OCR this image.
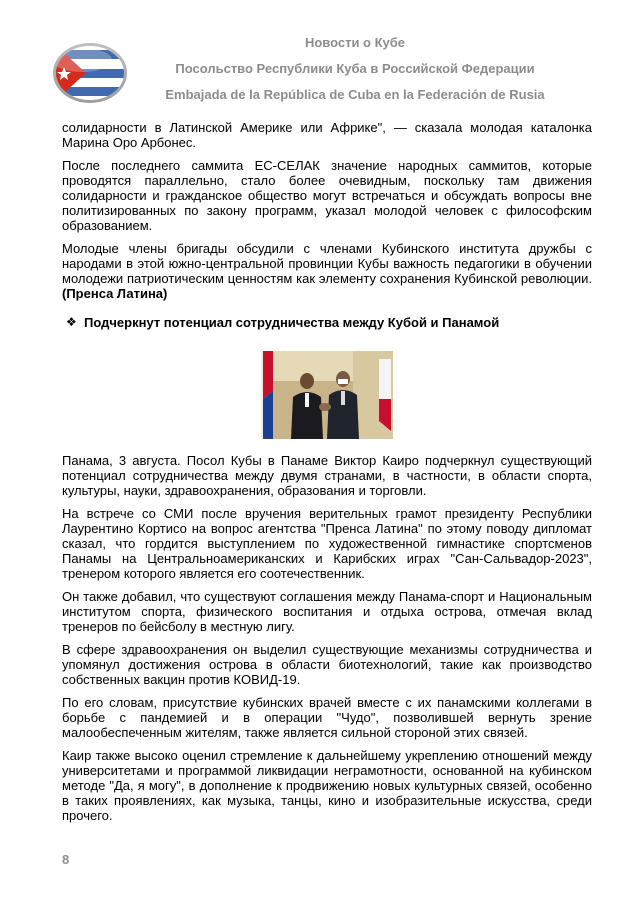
Новости о Кубе
Посольство Республики Куба в Российской Федерации
Embajada de la República de Cuba en la Federación de Rusia

солидарности в Латинской Америке или Африке", — сказала молодая каталонка Марина Оро Арбонес.

После последнего саммита ЕС-СЕЛАК значение народных саммитов, которые проводятся параллельно, стало более очевидным, поскольку там движения солидарности и гражданское общество могут встречаться и обсуждать вопросы вне политизированных по закону программ, указал молодой человек с философским образованием.

Молодые члены бригады обсудили с членами Кубинского института дружбы с народами в этой южно-центральной провинции Кубы важность педагогики в обучении молодежи патриотическим ценностям как элементу сохранения Кубинской революции. (Пренса Латина)

❖ Подчеркнут потенциал сотрудничества между Кубой и Панамой

Панама, 3 августа. Посол Кубы в Панаме Виктор Каиро подчеркнул существующий потенциал сотрудничества между двумя странами, в частности, в области спорта, культуры, науки, здравоохранения, образования и торговли.

На встрече со СМИ после вручения верительных грамот президенту Республики Лаурентино Кортисо на вопрос агентства "Пренса Латина" по этому поводу дипломат сказал, что гордится выступлением по художественной гимнастике спортсменов Панамы на Центральноамериканских и Карибских играх "Сан-Сальвадор-2023", тренером которого является его соотечественник.

Он также добавил, что существуют соглашения между Панама-спорт и Национальным институтом спорта, физического воспитания и отдыха острова, отмечая вклад тренеров по бейсболу в местную лигу.

В сфере здравоохранения он выделил существующие механизмы сотрудничества и упомянул достижения острова в области биотехнологий, такие как производство собственных вакцин против КОВИД-19.

По его словам, присутствие кубинских врачей вместе с их панамскими коллегами в борьбе с пандемией и в операции "Чудо", позволившей вернуть зрение малообеспеченным жителям, также является сильной стороной этих связей.

Каир также высоко оценил стремление к дальнейшему укреплению отношений между университетами и программой ликвидации неграмотности, основанной на кубинском методе "Да, я могу", в дополнение к продвижению новых культурных связей, особенно в таких проявлениях, как музыка, танцы, кино и изобразительные искусства, среди прочего.

8
